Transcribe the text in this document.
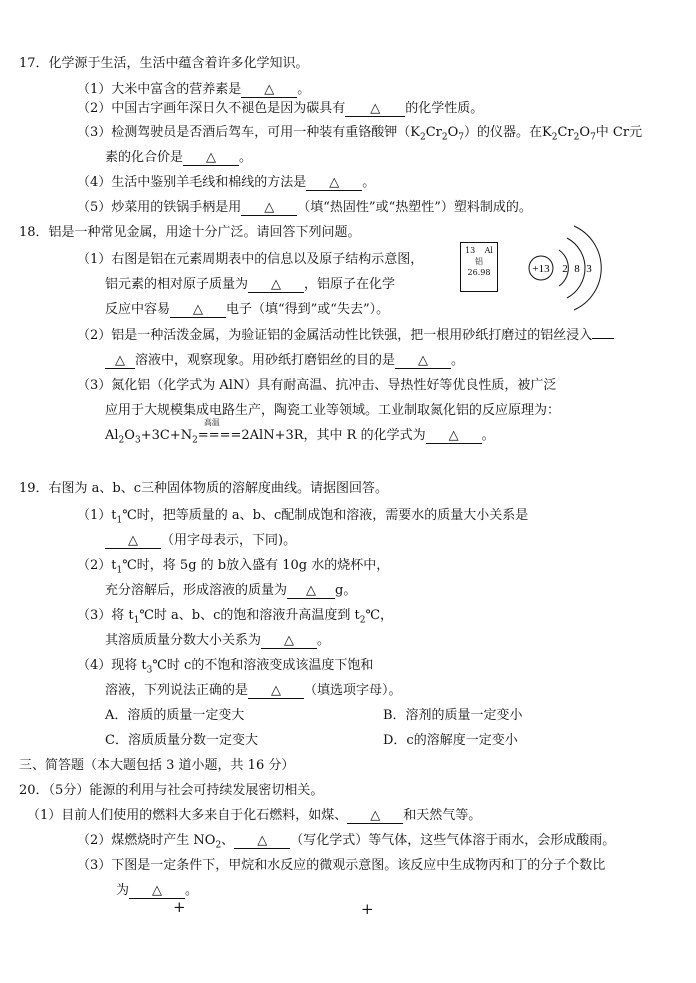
17．化学源于生活，生活中蕴含着许多化学知识。
（1）大米中富含的营养素是 △ 。
（2）中国古字画年深日久不褪色是因为碳具有 △ 的化学性质。
（3）检测驾驶员是否酒后驾车，可用一种装有重铬酸钾$(K_2Cr_2O_7)$的仪器。在$K_2Cr_2O_7$中 Cr元
素的化合价是 △ 。
（4）生活中鉴别羊毛线和棉线的方法是 △ 。
（5）炒菜用的铁锅手柄是用 △ （填“热固性”或“热塑性”）塑料制成的。
18．铝是一种常见金属，用途十分广泛。请回答下列问题。
（1）右图是铝在元素周期表中的信息以及原子结构示意图，
铝元素的相对原子质量为 △ ，铝原子在化学
反应中容易 △ 电子（填“得到”或“失去”）。
13 Al
铝
26.98	+13 2 8 3
（2）铝是一种活泼金属，为验证铝的金属活动性比铁强，把一根用砂纸打磨过的铝丝浸入
△ 溶液中，观察现象。用砂纸打磨铝丝的目的是 △ 。
（3）氮化铝（化学式为 AlN）具有耐高温、抗冲击、导热性好等优良性质，被广泛
应用于大规模集成电路生产，陶瓷工业等领域。工业制取氮化铝的反应原理为：
$Al_2O_3+3C+N_2$
高温
====2AlN+3R，其中 R 的化学式为 △ 。
19．右图为 a、b、c三种固体物质的溶解度曲线。请据图回答。
$(1)t_1℃$时，把等质量的 a、b、c配制成饱和溶液，需要水的质量大小关系是
△ （用字母表示，下同)。
$(2)t_1℃$时，将 5g 的 b放入盛有 10g 水的烧杯中，
充分溶解后，形成溶液的质量为 △ g。
（3）将 $t_1℃$时 a、b、c的饱和溶液升高温度到 $t_2℃$，
其溶质质量分数大小关系为 △ 。
（4）现将 $t_3℃$时 c的不饱和溶液变成该温度下饱和
溶液，下列说法正确的是 △ （填选项字母）。
A．溶质的质量一定变大	B．溶剂的质量一定变小
C．溶质质量分数一定变大	D．c的溶解度一定变小
三、简答题（本大题包括 3 道小题，共 16 分）
20．（5分）能源的利用与社会可持续发展密切相关。
（1）目前人们使用的燃料大多来自于化石燃料，如煤、 △ 和天然气等。
（2）煤燃烧时产生 $NO_2$、 △ （写化学式）等气体，这些气体溶于雨水，会形成酸雨。
（3）下图是一定条件下，甲烷和水反应的微观示意图。该反应中生成物丙和丁的分子个数比
为 △ 。
+	+
